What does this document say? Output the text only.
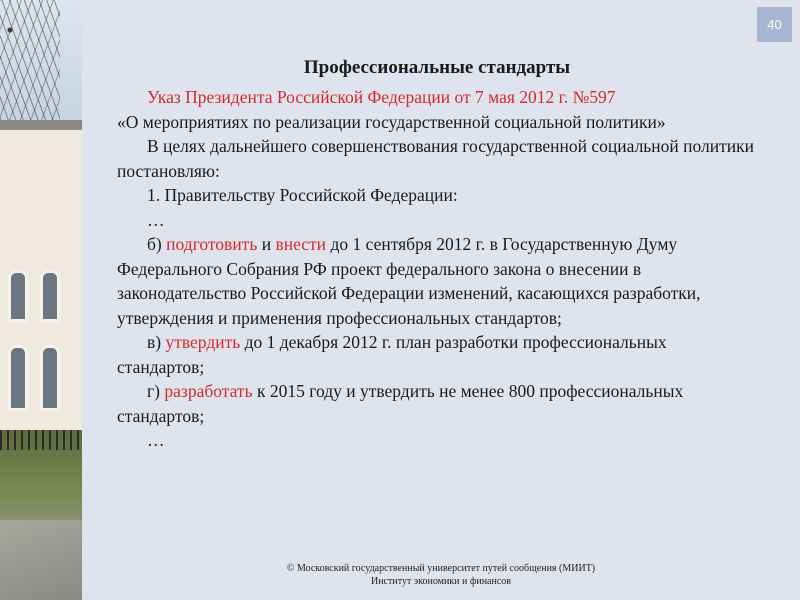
40
Профессиональные стандарты

Указ Президента Российской Федерации от 7 мая 2012 г. №597

«О мероприятиях по реализации государственной социальной политики»

В целях дальнейшего совершенствования государственной социальной политики постановляю:

1. Правительству Российской Федерации:

…

б) подготовить и внести до 1 сентября 2012 г. в Государственную Думу Федерального Собрания РФ проект федерального закона о внесении в законодательство Российской Федерации изменений, касающихся разработки, утверждения и применения профессиональных стандартов;

в) утвердить до 1 декабря 2012 г. план разработки профессиональных стандартов;

г) разработать к 2015 году и утвердить не менее 800 профессиональных стандартов;

…

© Московский государственный университет путей сообщения (МИИТ)
Институт экономики и финансов
